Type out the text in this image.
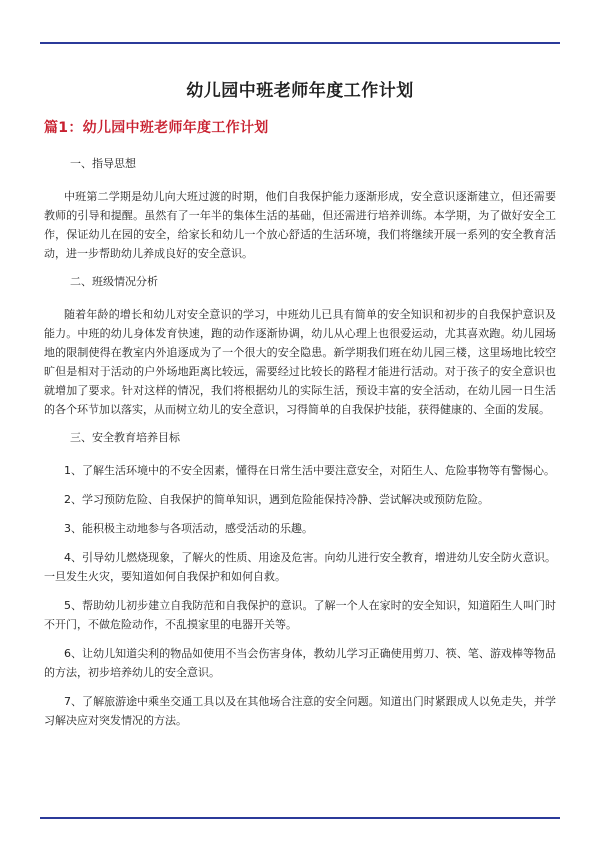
幼儿园中班老师年度工作计划
篇1：幼儿园中班老师年度工作计划
一、指导思想

中班第二学期是幼儿向大班过渡的时期，他们自我保护能力逐渐形成，安全意识逐渐建立，但还需要教师的引导和提醒。虽然有了一年半的集体生活的基础，但还需进行培养训练。本学期，为了做好安全工作，保证幼儿在园的安全，给家长和幼儿一个放心舒适的生活环境，我们将继续开展一系列的安全教育活动，进一步帮助幼儿养成良好的安全意识。

二、班级情况分析

随着年龄的增长和幼儿对安全意识的学习，中班幼儿已具有简单的安全知识和初步的自我保护意识及能力。中班的幼儿身体发育快速，跑的动作逐渐协调，幼儿从心理上也很爱运动，尤其喜欢跑。幼儿园场地的限制使得在教室内外追逐成为了一个很大的安全隐患。新学期我们班在幼儿园三楼，这里场地比较空旷但是相对于活动的户外场地距离比较远，需要经过比较长的路程才能进行活动。对于孩子的安全意识也就增加了要求。针对这样的情况，我们将根据幼儿的实际生活，预设丰富的安全活动，在幼儿园一日生活的各个环节加以落实，从而树立幼儿的安全意识，习得简单的自我保护技能，获得健康的、全面的发展。

三、安全教育培养目标

1、了解生活环境中的不安全因素，懂得在日常生活中要注意安全，对陌生人、危险事物等有警惕心。

2、学习预防危险、自我保护的简单知识，遇到危险能保持冷静、尝试解决或预防危险。

3、能积极主动地参与各项活动，感受活动的乐趣。

4、引导幼儿燃烧现象，了解火的性质、用途及危害。向幼儿进行安全教育，增进幼儿安全防火意识。一旦发生火灾，要知道如何自我保护和如何自救。

5、帮助幼儿初步建立自我防范和自我保护的意识。了解一个人在家时的安全知识，知道陌生人叫门时不开门，不做危险动作，不乱摸家里的电器开关等。

6、让幼儿知道尖利的物品如使用不当会伤害身体，教幼儿学习正确使用剪刀、筷、笔、游戏棒等物品的方法，初步培养幼儿的安全意识。

7、了解旅游途中乘坐交通工具以及在其他场合注意的安全问题。知道出门时紧跟成人以免走失，并学习解决应对突发情况的方法。
